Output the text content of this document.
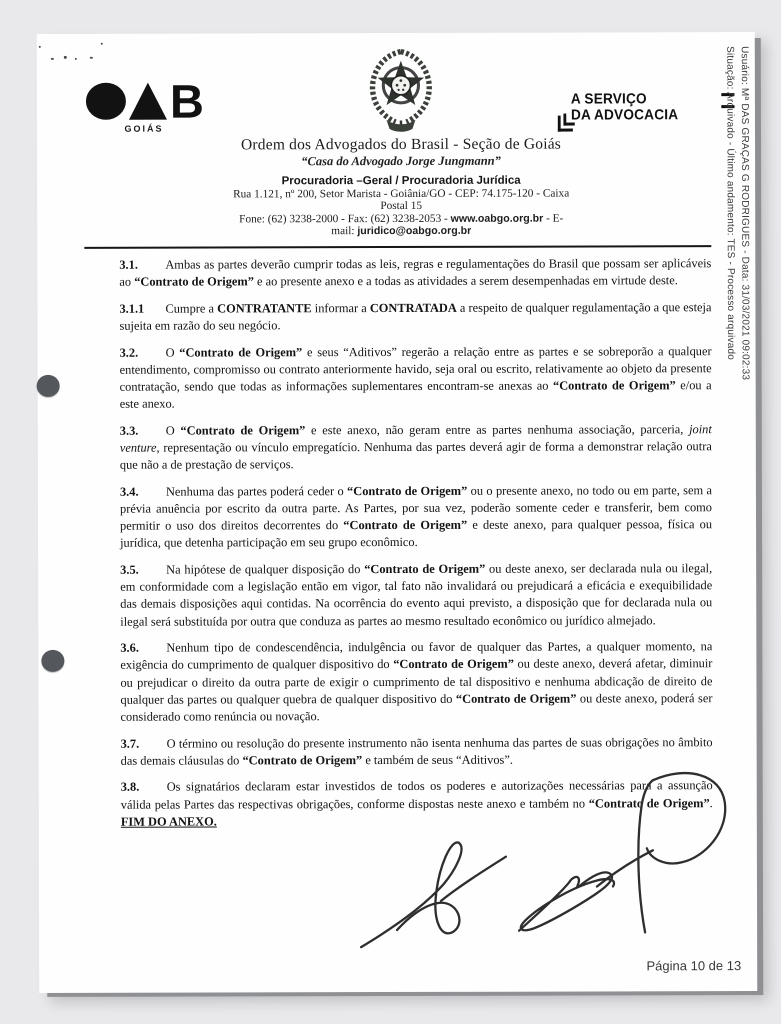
B
GOIÁS
Ordem dos Advogados do Brasil - Seção de Goiás
“Casa do Advogado Jorge Jungmann”
Procuradoria –Geral / Procuradoria Jurídica
Rua 1.121, nº 200, Setor Marista - Goiânia/GO - CEP: 74.175-120 - Caixa Postal 15
Fone: (62) 3238-2000 - Fax: (62) 3238-2053 - www.oabgo.org.br - E-mail: juridico@oabgo.org.br
A SERVIÇO
DA ADVOCACIA

3.1. Ambas as partes deverão cumprir todas as leis, regras e regulamentações do Brasil que possam ser aplicáveis ao “Contrato de Origem” e ao presente anexo e a todas as atividades a serem desempenhadas em virtude deste.

3.1.1 Cumpre a CONTRATANTE informar a CONTRATADA a respeito de qualquer regulamentação a que esteja sujeita em razão do seu negócio.

3.2. O “Contrato de Origem” e seus “Aditivos” regerão a relação entre as partes e se sobreporão a qualquer entendimento, compromisso ou contrato anteriormente havido, seja oral ou escrito, relativamente ao objeto da presente contratação, sendo que todas as informações suplementares encontram-se anexas ao “Contrato de Origem” e/ou a este anexo.

3.3. O “Contrato de Origem” e este anexo, não geram entre as partes nenhuma associação, parceria, joint venture, representação ou vínculo empregatício. Nenhuma das partes deverá agir de forma a demonstrar relação outra que não a de prestação de serviços.

3.4. Nenhuma das partes poderá ceder o “Contrato de Origem” ou o presente anexo, no todo ou em parte, sem a prévia anuência por escrito da outra parte. As Partes, por sua vez, poderão somente ceder e transferir, bem como permitir o uso dos direitos decorrentes do “Contrato de Origem” e deste anexo, para qualquer pessoa, física ou jurídica, que detenha participação em seu grupo econômico.

3.5. Na hipótese de qualquer disposição do “Contrato de Origem” ou deste anexo, ser declarada nula ou ilegal, em conformidade com a legislação então em vigor, tal fato não invalidará ou prejudicará a eficácia e exequibilidade das demais disposições aqui contidas. Na ocorrência do evento aqui previsto, a disposição que for declarada nula ou ilegal será substituída por outra que conduza as partes ao mesmo resultado econômico ou jurídico almejado.

3.6. Nenhum tipo de condescendência, indulgência ou favor de qualquer das Partes, a qualquer momento, na exigência do cumprimento de qualquer dispositivo do “Contrato de Origem” ou deste anexo, deverá afetar, diminuir ou prejudicar o direito da outra parte de exigir o cumprimento de tal dispositivo e nenhuma abdicação de direito de qualquer das partes ou qualquer quebra de qualquer dispositivo do “Contrato de Origem” ou deste anexo, poderá ser considerado como renúncia ou novação.

3.7. O término ou resolução do presente instrumento não isenta nenhuma das partes de suas obrigações no âmbito das demais cláusulas do “Contrato de Origem” e também de seus “Aditivos”.

3.8. Os signatários declaram estar investidos de todos os poderes e autorizações necessárias para a assunção válida pelas Partes das respectivas obrigações, conforme dispostas neste anexo e também no “Contrato de Origem”. FIM DO ANEXO.

Usuário: Mª DAS GRAÇAS G RODRIGUES - Data: 31/03/2021 09:02:33
Situação: Arquivado - Último andamento: TES - Processo arquivado
Página 10 de 13
